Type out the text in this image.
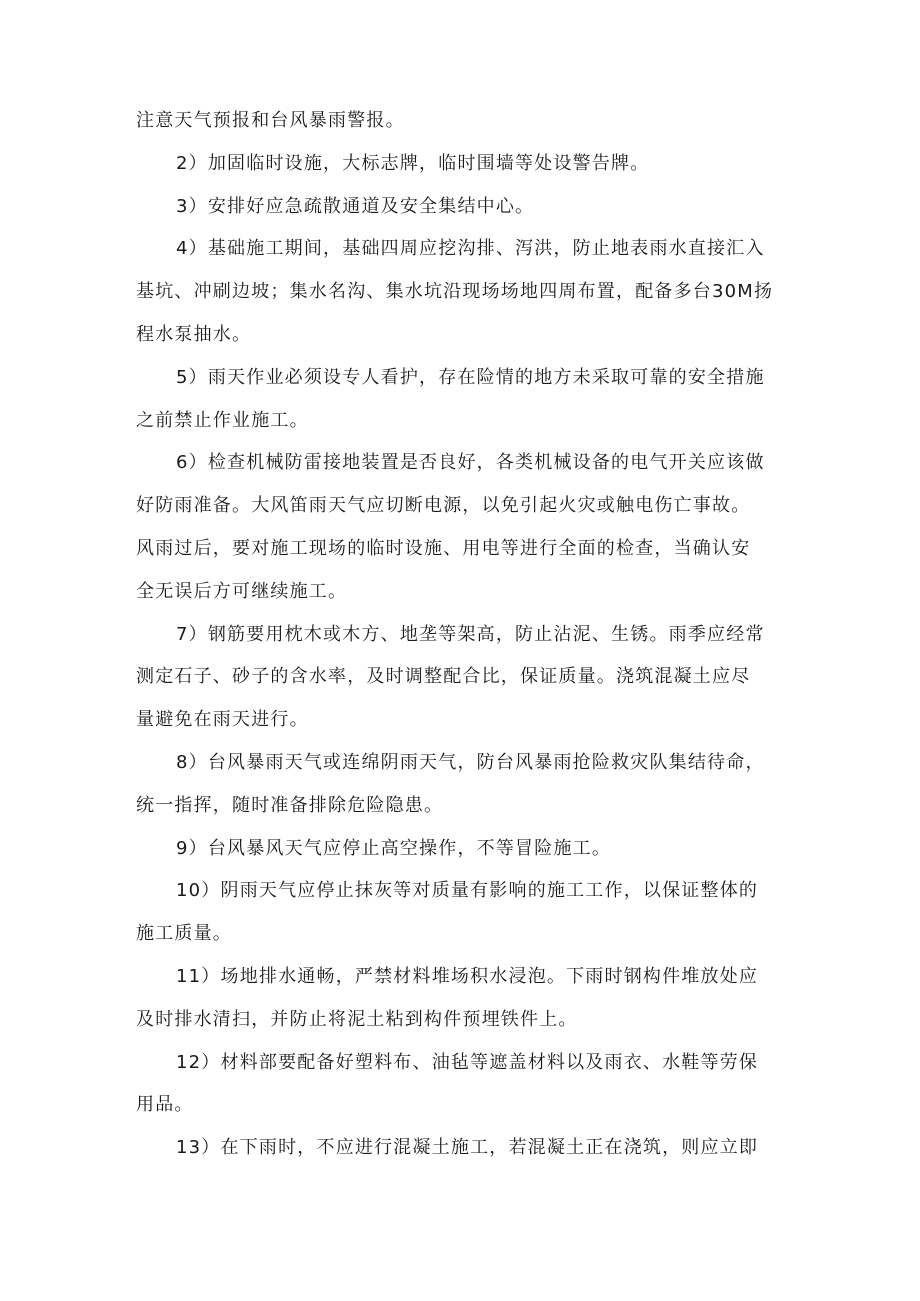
注意天气预报和台风暴雨警报。
2）加固临时设施，大标志牌，临时围墙等处设警告牌。
3）安排好应急疏散通道及安全集结中心。
4）基础施工期间，基础四周应挖沟排、泻洪，防止地表雨水直接汇入
基坑、冲刷边坡；集水名沟、集水坑沿现场场地四周布置，配备多台30M扬
程水泵抽水。
5）雨天作业必须设专人看护，存在险情的地方未采取可靠的安全措施
之前禁止作业施工。
6）检查机械防雷接地装置是否良好，各类机械设备的电气开关应该做
好防雨准备。大风笛雨天气应切断电源，以免引起火灾或触电伤亡事故。
风雨过后，要对施工现场的临时设施、用电等进行全面的检查，当确认安
全无误后方可继续施工。
7）钢筋要用枕木或木方、地垄等架高，防止沾泥、生锈。雨季应经常
测定石子、砂子的含水率，及时调整配合比，保证质量。浇筑混凝土应尽
量避免在雨天进行。
8）台风暴雨天气或连绵阴雨天气，防台风暴雨抢险救灾队集结待命，
统一指挥，随时准备排除危险隐患。
9）台风暴风天气应停止高空操作，不等冒险施工。
10）阴雨天气应停止抹灰等对质量有影响的施工工作，以保证整体的
施工质量。
11）场地排水通畅，严禁材料堆场积水浸泡。下雨时钢构件堆放处应
及时排水清扫，并防止将泥土粘到构件预埋铁件上。
12）材料部要配备好塑料布、油毡等遮盖材料以及雨衣、水鞋等劳保
用品。
13）在下雨时，不应进行混凝土施工，若混凝土正在浇筑，则应立即
